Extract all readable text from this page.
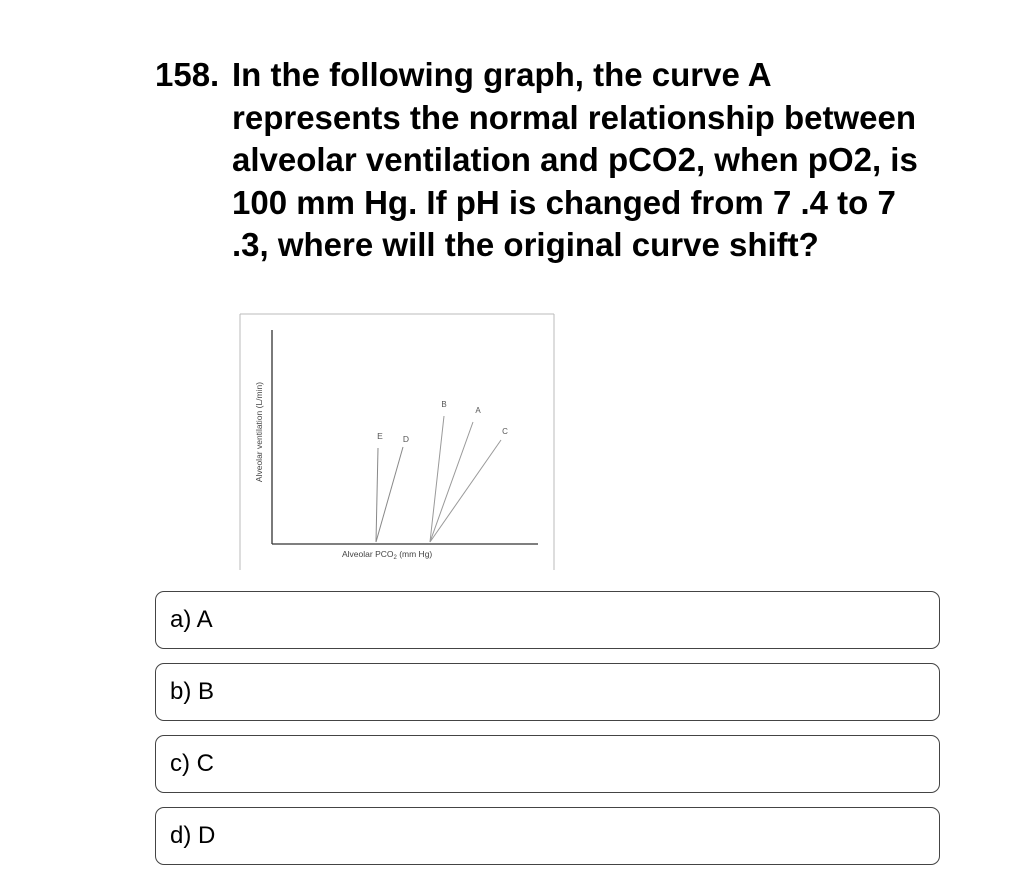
158. In the following graph, the curve A represents the normal relationship between alveolar ventilation and pCO2, when pO2, is 100 mm Hg. If pH is changed from 7 .4 to 7 .3, where will the original curve shift?
Alveolar ventilation (L/min)	E D
B
A
C
Alveolar $PCO_2$ (mm Hg)
a) A
b) B
c) C
d) D
